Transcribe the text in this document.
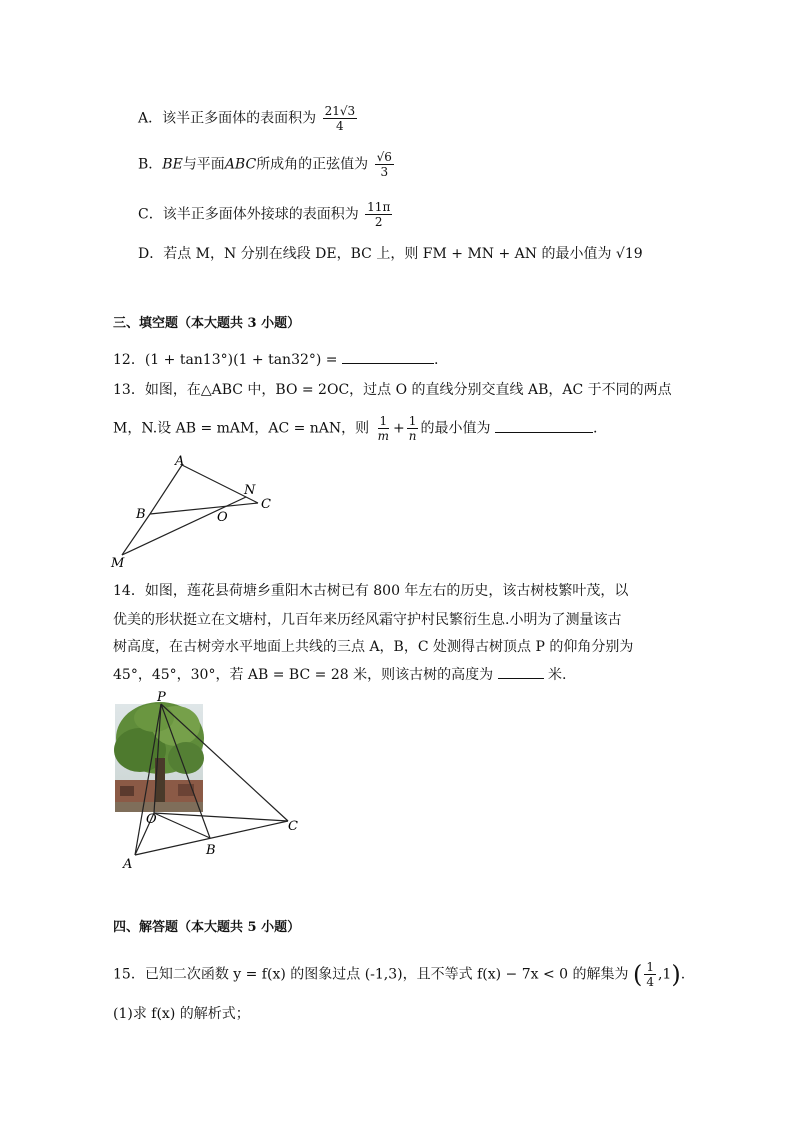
A．该半正多面体的表面积为 $\frac{21√3}{4}$
B．BE与平面ABC所成角的正弦值为 $\frac{√6}{3}$
C．该半正多面体外接球的表面积为 $\frac{11\pi}{2}$
D．若点 M，N 分别在线段 DE，BC 上，则 FM + MN + AN 的最小值为 √19
三、填空题（本大题共 3 小题）
12．(1 + tan13°)(1 + tan32°) =	.
13．如图，在△ABC 中，BO = 2OC，过点 O 的直线分别交直线 AB，AC 于不同的两点
M，N.设 AB = mAM，AC = nAN，则 $\frac{1}{m} + \frac{1}{n}$ 的最小值为	.
A
B
C
N
O
M
14．如图，莲花县荷塘乡重阳木古树已有 800 年左右的历史，该古树枝繁叶茂，以
优美的形状挺立在文塘村，几百年来历经风霜守护村民繁衍生息.小明为了测量该古
树高度，在古树旁水平地面上共线的三点 A，B，C 处测得古树顶点 P 的仰角分别为
45°，45°，30°，若 AB = BC = 28 米，则该古树的高度为	米.
P
O
A
B
C
四、解答题（本大题共 5 小题）
15．已知二次函数 y = f(x) 的图象过点 (-1,3)，且不等式 f(x) − 7x < 0 的解集为 ( $\frac{1}{4} ,1$).
(1)求 f(x) 的解析式；
